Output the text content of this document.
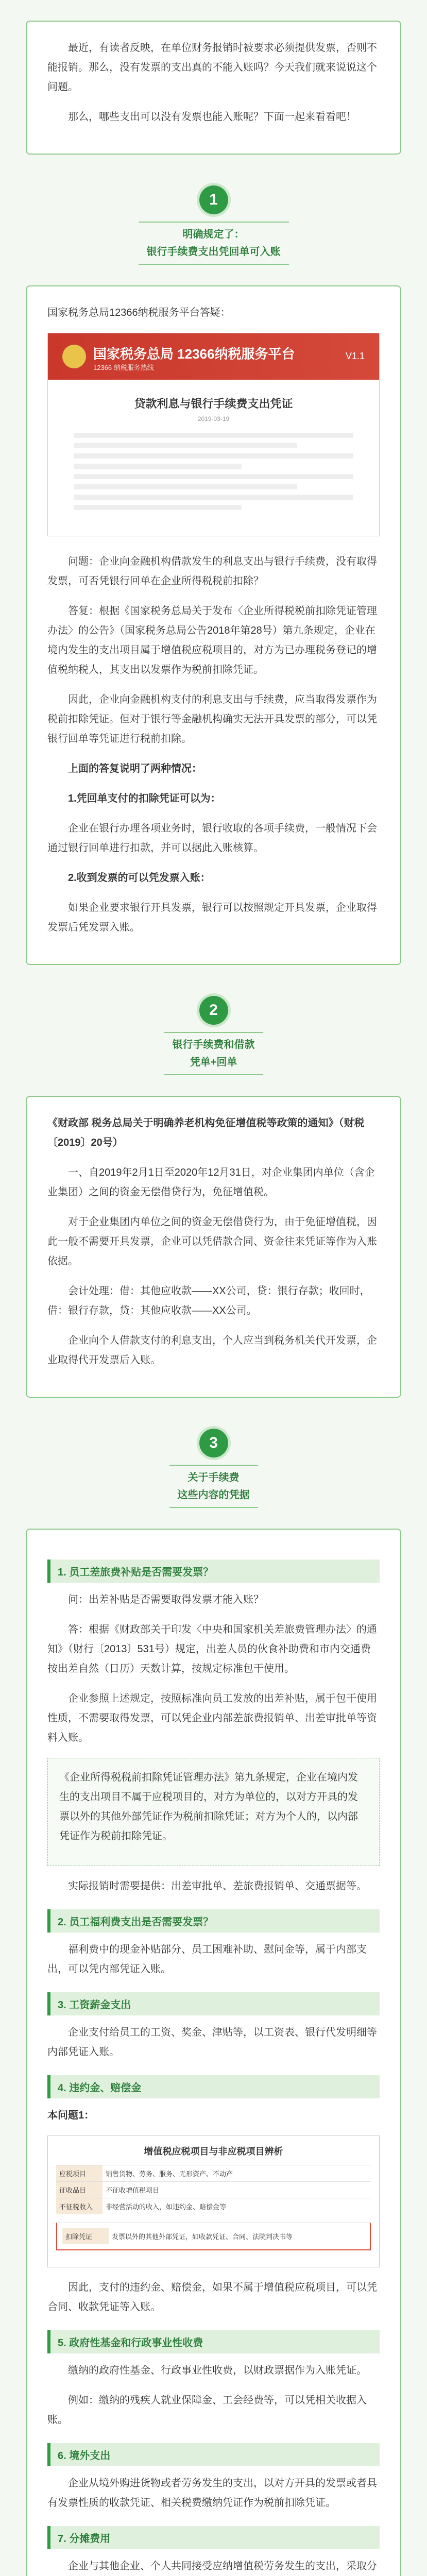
最近，有读者反映，在单位财务报销时被要求必须提供发票，否则不能报销。那么，没有发票的支出真的不能入账吗？今天我们就来说说这个问题。

那么，哪些支出可以没有发票也能入账呢？下面一起来看看吧！

1
明确规定了：
银行手续费支出凭回单可入账

国家税务总局12366纳税服务平台答疑：

国家税务总局 12366纳税服务平台
12366 纳税服务热线
V1.1
贷款利息与银行手续费支出凭证
2019-03-19

问题：企业向金融机构借款发生的利息支出与银行手续费，没有取得发票，可否凭银行回单在企业所得税税前扣除？

答复：根据《国家税务总局关于发布〈企业所得税税前扣除凭证管理办法〉的公告》（国家税务总局公告2018年第28号）第九条规定，企业在境内发生的支出项目属于增值税应税项目的，对方为已办理税务登记的增值税纳税人，其支出以发票作为税前扣除凭证。

因此，企业向金融机构支付的利息支出与手续费，应当取得发票作为税前扣除凭证。但对于银行等金融机构确实无法开具发票的部分，可以凭银行回单等凭证进行税前扣除。

上面的答复说明了两种情况：

1.凭回单支付的扣除凭证可以为：

企业在银行办理各项业务时，银行收取的各项手续费，一般情况下会通过银行回单进行扣款，并可以据此入账核算。

2.收到发票的可以凭发票入账：

如果企业要求银行开具发票，银行可以按照规定开具发票，企业取得发票后凭发票入账。

2
银行手续费和借款
凭单+回单

《财政部 税务总局关于明确养老机构免征增值税等政策的通知》（财税〔2019〕20号）

一、自2019年2月1日至2020年12月31日，对企业集团内单位（含企业集团）之间的资金无偿借贷行为，免征增值税。

对于企业集团内单位之间的资金无偿借贷行为，由于免征增值税，因此一般不需要开具发票，企业可以凭借款合同、资金往来凭证等作为入账依据。

会计处理：借：其他应收款——XX公司，贷：银行存款；收回时，借：银行存款，贷：其他应收款——XX公司。

企业向个人借款支付的利息支出，个人应当到税务机关代开发票，企业取得代开发票后入账。

3
关于手续费
这些内容的凭据
1. 员工差旅费补贴是否需要发票？

问：出差补贴是否需要取得发票才能入账？

答：根据《财政部关于印发〈中央和国家机关差旅费管理办法〉的通知》（财行〔2013〕531号）规定，出差人员的伙食补助费和市内交通费按出差自然（日历）天数计算，按规定标准包干使用。

企业参照上述规定，按照标准向员工发放的出差补贴，属于包干使用性质，不需要取得发票，可以凭企业内部差旅费报销单、出差审批单等资料入账。

《企业所得税税前扣除凭证管理办法》第九条规定，企业在境内发生的支出项目不属于应税项目的，对方为单位的，以对方开具的发票以外的其他外部凭证作为税前扣除凭证；对方为个人的，以内部凭证作为税前扣除凭证。

实际报销时需要提供：出差审批单、差旅费报销单、交通票据等。

2. 员工福利费支出是否需要发票？

福利费中的现金补贴部分、员工困难补助、慰问金等，属于内部支出，可以凭内部凭证入账。

3. 工资薪金支出

企业支付给员工的工资、奖金、津贴等，以工资表、银行代发明细等内部凭证入账。

4. 违约金、赔偿金

本问题1：

增值税应税项目与非应税项目辨析
应税项目	销售货物、劳务、服务、无形资产、不动产
征收品目	不征收增值税项目
不征税收入	非经营活动的收入，如违约金、赔偿金等
扣除凭证	发票以外的其他外部凭证，如收款凭证、合同、法院判决书等

因此，支付的违约金、赔偿金，如果不属于增值税应税项目，可以凭合同、收款凭证等入账。

5. 政府性基金和行政事业性收费

缴纳的政府性基金、行政事业性收费，以财政票据作为入账凭证。

例如：缴纳的残疾人就业保障金、工会经费等，可以凭相关收据入账。

6. 境外支出

企业从境外购进货物或者劳务发生的支出，以对方开具的发票或者具有发票性质的收款凭证、相关税费缴纳凭证作为税前扣除凭证。

7. 分摊费用

企业与其他企业、个人共同接受应纳增值税劳务发生的支出，采取分
